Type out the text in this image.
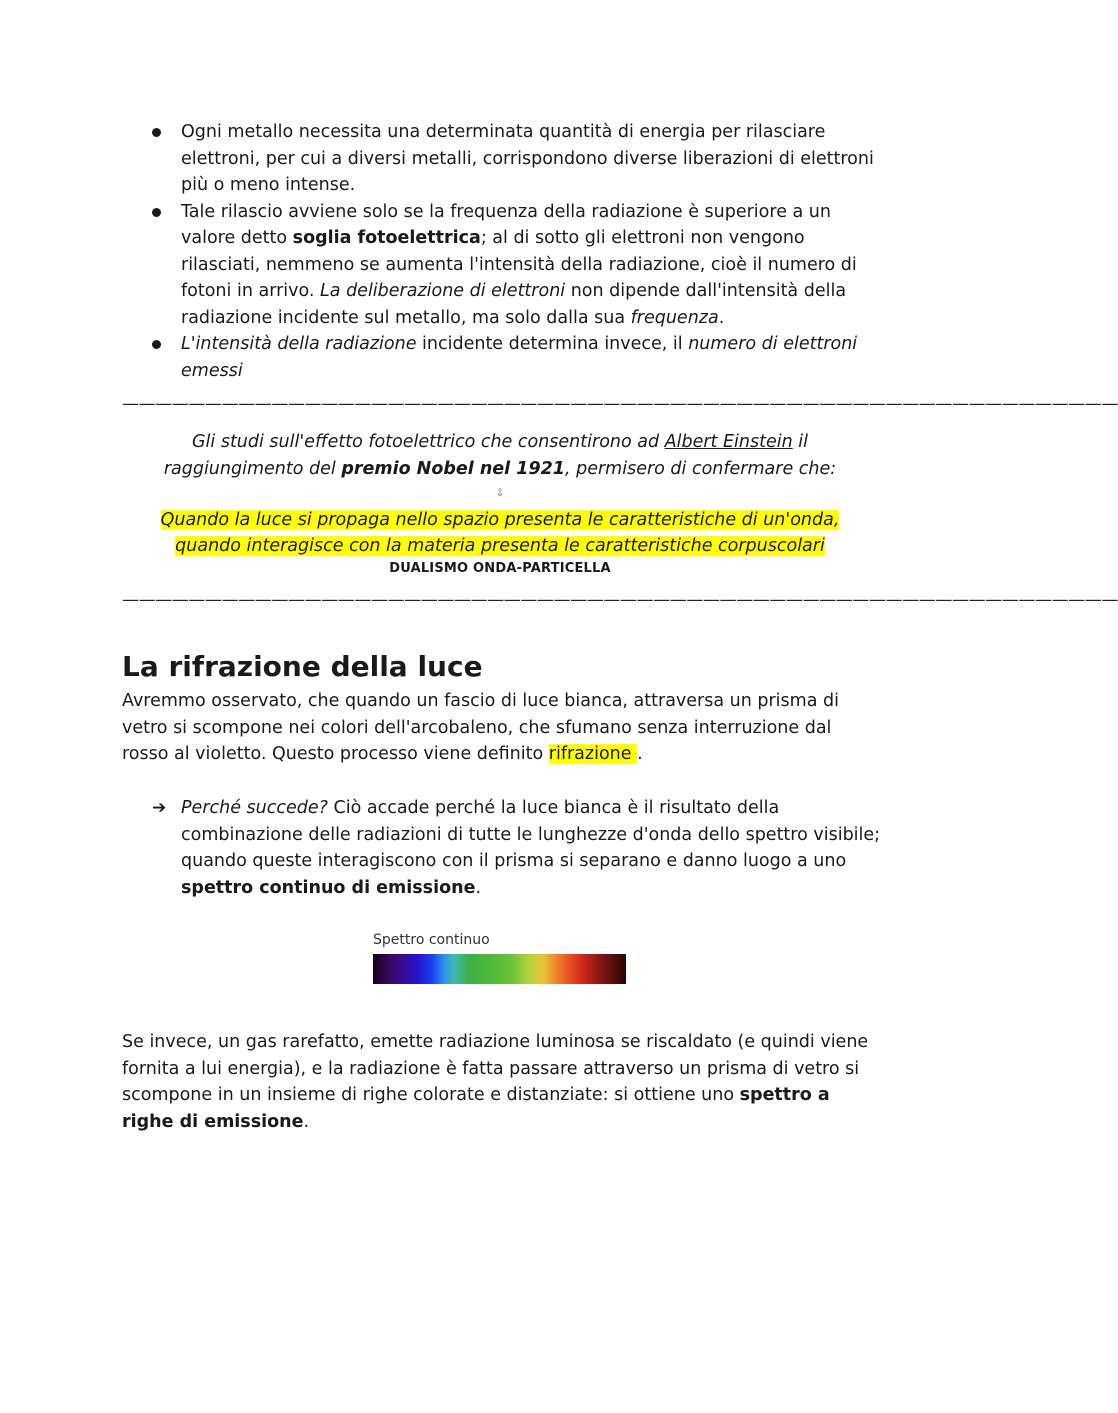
Ogni metallo necessita una determinata quantità di energia per rilasciare elettroni, per cui a diversi metalli, corrispondono diverse liberazioni di elettroni più o meno intense.
Tale rilascio avviene solo se la frequenza della radiazione è superiore a un valore detto soglia fotoelettrica; al di sotto gli elettroni non vengono rilasciati, nemmeno se aumenta l'intensità della radiazione, cioè il numero di fotoni in arrivo. La deliberazione di elettroni non dipende dall'intensità della radiazione incidente sul metallo, ma solo dalla sua frequenza.
L'intensità della radiazione incidente determina invece, il numero di elettroni emessi
————————————————————————————————————————————————————————————
Gli studi sull'effetto fotoelettrico che consentirono ad Albert Einstein il raggiungimento del premio Nobel nel 1921, permisero di confermare che:
⇩
Quando la luce si propaga nello spazio presenta le caratteristiche di un'onda,
quando interagisce con la materia presenta le caratteristiche corpuscolari
DUALISMO ONDA-PARTICELLA
————————————————————————————————————————————————————————————
La rifrazione della luce

Avremmo osservato, che quando un fascio di luce bianca, attraversa un prisma di vetro si scompone nei colori dell'arcobaleno, che sfumano senza interruzione dal rosso al violetto. Questo processo viene definito rifrazione .

➔ Perché succede? Ciò accade perché la luce bianca è il risultato della combinazione delle radiazioni di tutte le lunghezze d'onda dello spettro visibile; quando queste interagiscono con il prisma si separano e danno luogo a uno spettro continuo di emissione.
Spettro continuo

Se invece, un gas rarefatto, emette radiazione luminosa se riscaldato (e quindi viene fornita a lui energia), e la radiazione è fatta passare attraverso un prisma di vetro si scompone in un insieme di righe colorate e distanziate: si ottiene uno spettro a righe di emissione.
